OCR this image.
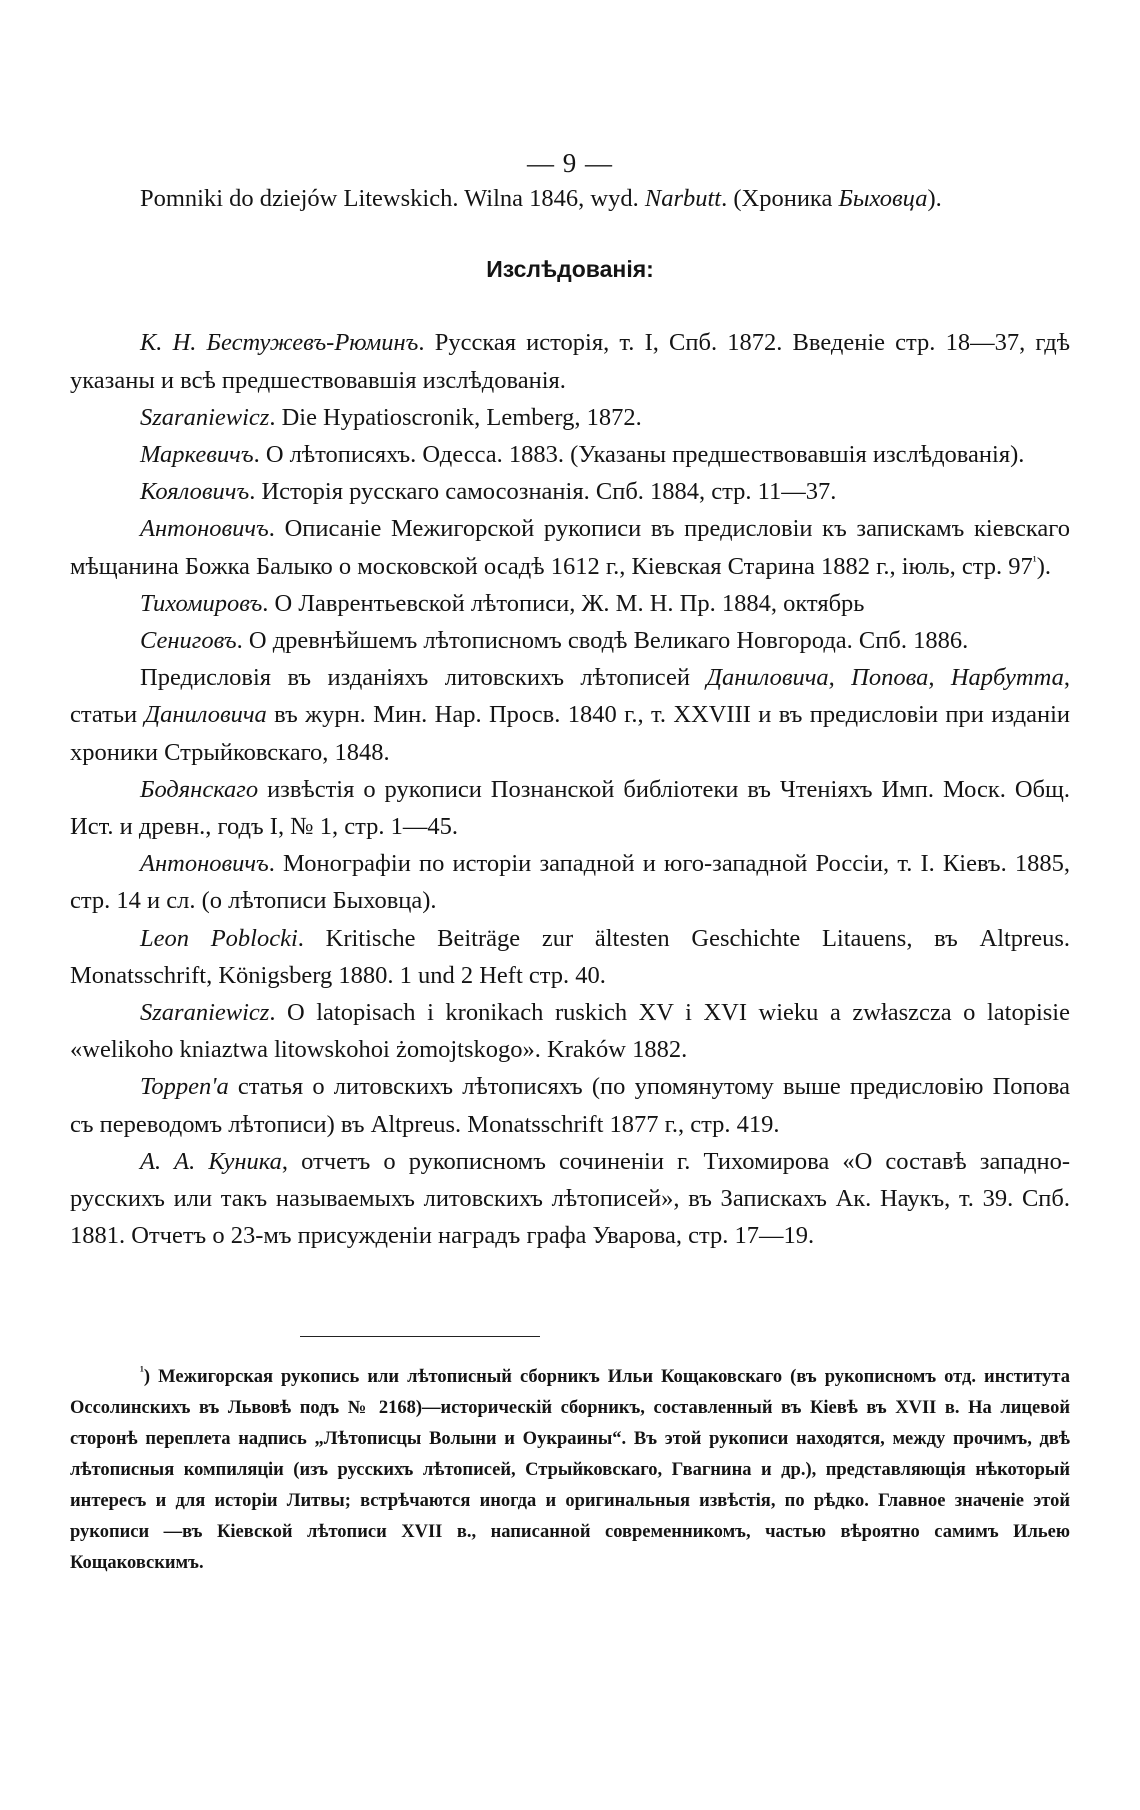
— 9 —

Pomniki do dziejów Litewskich. Wilna 1846, wyd. Narbutt. (Хроника Быховца).

Изслѣдованія:

К. Н. Бестужевъ-Рюминъ. Русская исторія, т. I, Спб. 1872. Введеніе стр. 18—37, гдѣ указаны и всѣ предшествовавшія изслѣдованія.

Szaraniewicz. Die Hypatioscronik, Lemberg, 1872.

Маркевичъ. О лѣтописяхъ. Одесса. 1883. (Указаны предшествовавшія изслѣдованія).

Кояловичъ. Исторія русскаго самосознанія. Спб. 1884, стр. 11—37.

Антоновичъ. Описаніе Межигорской рукописи въ предисловіи къ запискамъ кіевскаго мѣщанина Божка Балыко о московской осадѣ 1612 г., Кіевская Старина 1882 г., іюль, стр. $97^{^1}$).

Тихомировъ. О Лаврентьевской лѣтописи, Ж. М. Н. Пр. 1884, октябрь

Сениговъ. О древнѣйшемъ лѣтописномъ сводѣ Великаго Новгорода. Спб. 1886.

Предисловія въ изданіяхъ литовскихъ лѣтописей Даниловича, Попова, Нарбутта, статьи Даниловича въ журн. Мин. Нар. Просв. 1840 г., т. XXVIII и въ предисловіи при изданіи хроники Стрыйковскаго, 1848.

Бодянскаго извѣстія о рукописи Познанской библіотеки въ Чтеніяхъ Имп. Моск. Общ. Ист. и древн., годъ I, № 1, стр. 1—45.

Антоновичъ. Монографіи по исторіи западной и юго-западной Россіи, т. I. Кіевъ. 1885, стр. 14 и сл. (о лѣтописи Быховца).

Leon Poblocki. Kritische Beiträge zur ältesten Geschichte Litauens, въ Altpreus. Monatsschrift, Königsberg 1880. 1 und 2 Heft стр. 40.

Szaraniewicz. O latopisach i kronikach ruskich XV i XVI wieku a zwłaszcza o latopisie «welikoho kniaztwa litowskohoi żomojtskogo». Kraków 1882.

Toppen'a статья о литовскихъ лѣтописяхъ (по упомянутому выше предисловію Попова съ переводомъ лѣтописи) въ Altpreus. Monatsschrift 1877 г., стр. 419.

А. А. Куника, отчетъ о рукописномъ сочиненіи г. Тихомирова «О составѣ западно-русскихъ или такъ называемыхъ литовскихъ лѣтописей», въ Запискахъ Ак. Наукъ, т. 39. Спб. 1881. Отчетъ о 23-мъ присужденіи наградъ графа Уварова, стр. 17—19.

$^{^1}$) Межигорская рукопись или лѣтописный сборникъ Ильи Кощаковскаго (въ рукописномъ отд. института Оссолинскихъ въ Львовѣ подъ № 2168)—историческій сборникъ, составленный въ Кіевѣ въ XVII в. На лицевой сторонѣ переплета надпись „Лѣтописцы Волыни и Оукраины“. Въ этой рукописи находятся, между прочимъ, двѣ лѣтописныя компиляціи (изъ русскихъ лѣтописей, Стрыйковскаго, Гвагнина и др.), представляющія нѣкоторый интересъ и для исторіи Литвы; встрѣчаются иногда и оригинальныя извѣстія, по рѣдко. Главное значеніе этой рукописи —въ Кіевской лѣтописи XVII в., написанной современникомъ, частью вѣроятно самимъ Ильею Кощаковскимъ.
